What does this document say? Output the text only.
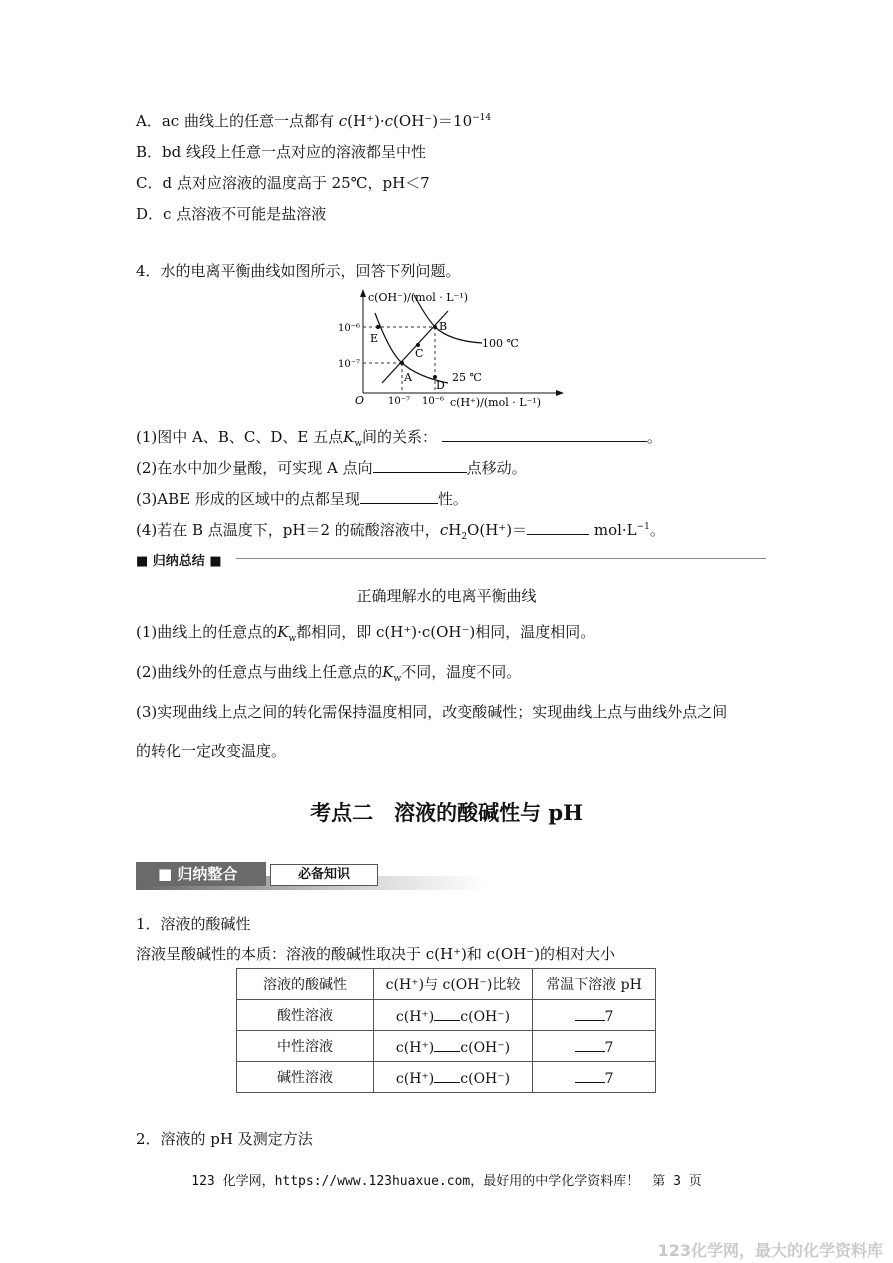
A．ac 曲线上的任意一点都有 $c(H^+)\cdot c(OH^-)=10^{-14}$
B．bd 线段上任意一点对应的溶液都呈中性
C．d 点对应溶液的温度高于 25℃，pH＜7
D．c 点溶液不可能是盐溶液
4．水的电离平衡曲线如图所示，回答下列问题。
c(OH⁻)/(mol · L⁻¹)
c(H⁺)/(mol · L⁻¹)
O
10⁻⁶
10⁻⁷
10⁻⁷ 10⁻⁶
100 ℃
25 ℃
A
B
C
D
E
(1)图中 A、B、C、D、E 五点$K_w$间的关系：	。
(2)在水中加少量酸，可实现 A 点向	点移动。
(3)ABE 形成的区域中的点都呈现	性。
(4)若在 B 点温度下，pH＝2 的硫酸溶液中，$cH_2O(H^+)=$	$mol\cdot L^{-1}$。
■ 归纳总结 ■
正确理解水的电离平衡曲线
(1)曲线上的任意点的$K_w$都相同，即 c(H⁺)·c(OH⁻)相同，温度相同。
(2)曲线外的任意点与曲线上任意点的$K_w$不同，温度不同。
(3)实现曲线上点之间的转化需保持温度相同，改变酸碱性；实现曲线上点与曲线外点之间
的转化一定改变温度。
考点二　溶液的酸碱性与 pH
■ 归纳整合	必备知识
1．溶液的酸碱性
溶液呈酸碱性的本质：溶液的酸碱性取决于 c(H⁺)和 c(OH⁻)的相对大小
溶液的酸碱性	c(H⁺)与 c(OH⁻)比较	常温下溶液 pH
酸性溶液	c(H⁺) c(OH⁻)	7
中性溶液	c(H⁺) c(OH⁻)	7
碱性溶液	c(H⁺) c(OH⁻)	7
2．溶液的 pH 及测定方法
123 化学网，https://www.123huaxue.com，最好用的中学化学资料库！　第 3 页
123化学网，最大的化学资料库
